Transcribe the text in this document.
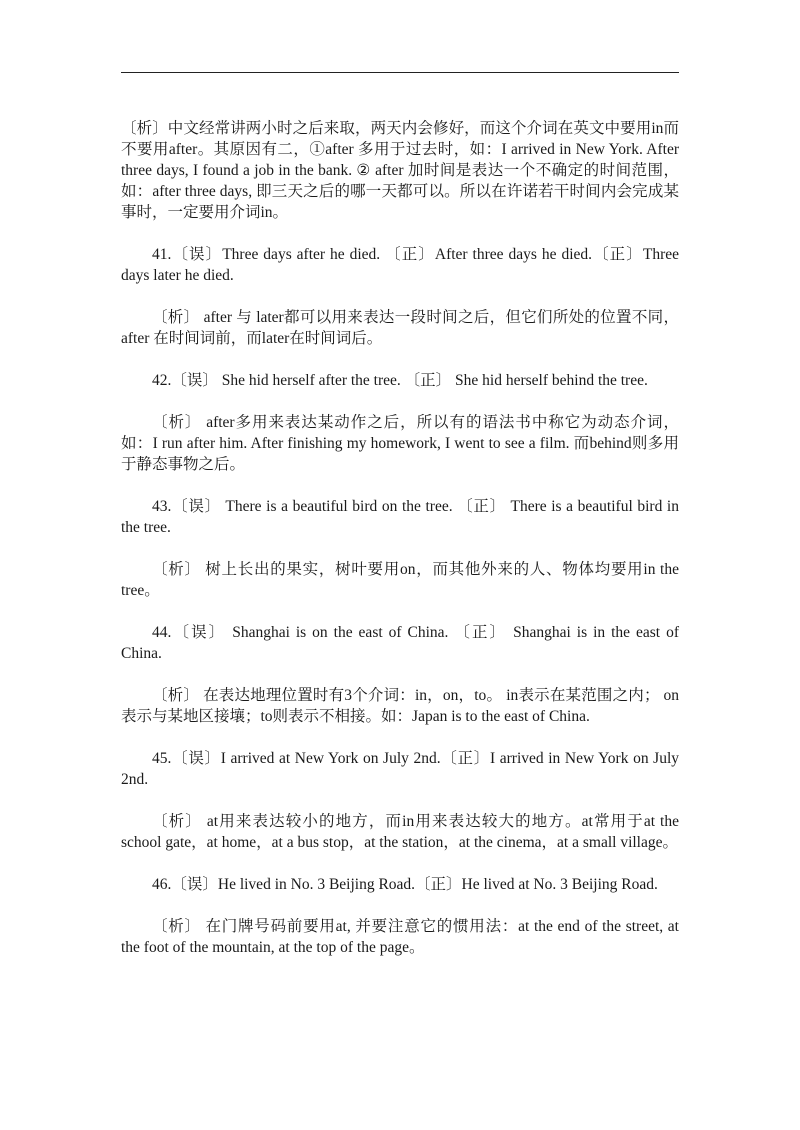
〔析〕中文经常讲两小时之后来取，两天内会修好，而这个介词在英文中要用in而不要用after。其原因有二，①after 多用于过去时，如：I arrived in New York. After three days, I found a job in the bank. ② after 加时间是表达一个不确定的时间范围，如：after three days, 即三天之后的哪一天都可以。所以在许诺若干时间内会完成某事时，一定要用介词in。

41.〔误〕Three days after he died. 〔正〕After three days he died.〔正〕Three days later he died.

〔析〕 after 与 later都可以用来表达一段时间之后，但它们所处的位置不同，after 在时间词前，而later在时间词后。

42.〔误〕 She hid herself after the tree. 〔正〕 She hid herself behind the tree.

〔析〕 after多用来表达某动作之后，所以有的语法书中称它为动态介词，如：I run after him. After finishing my homework, I went to see a film. 而behind则多用于静态事物之后。

43.〔误〕 There is a beautiful bird on the tree. 〔正〕 There is a beautiful bird in the tree.

〔析〕 树上长出的果实，树叶要用on，而其他外来的人、物体均要用in the tree。

44.〔误〕 Shanghai is on the east of China. 〔正〕 Shanghai is in the east of China.

〔析〕 在表达地理位置时有3个介词：in，on，to。 in表示在某范围之内； on 表示与某地区接壤；to则表示不相接。如：Japan is to the east of China.

45.〔误〕I arrived at New York on July 2nd.〔正〕I arrived in New York on July 2nd.

〔析〕 at用来表达较小的地方，而in用来表达较大的地方。at常用于at the school gate，at home，at a bus stop，at the station，at the cinema，at a small village。

46.〔误〕He lived in No. 3 Beijing Road.〔正〕He lived at No. 3 Beijing Road.

〔析〕 在门牌号码前要用at, 并要注意它的惯用法：at the end of the street, at the foot of the mountain, at the top of the page。
